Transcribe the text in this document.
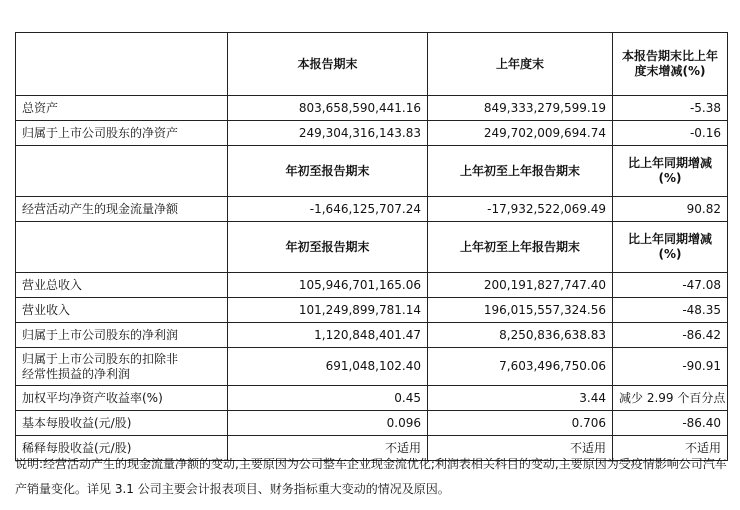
	本报告期末	上年度末	本报告期末比上年
度末增减(%)

总资产	803,658,590,441.16	849,333,279,599.19	-5.38
归属于上市公司股东的净资产	249,304,316,143.83	249,702,009,694.74	-0.16
	年初至报告期末	上年初至上年报告期末	比上年同期增减
(%)

经营活动产生的现金流量净额	-1,646,125,707.24	-17,932,522,069.49	90.82
	年初至报告期末	上年初至上年报告期末	比上年同期增减
(%)

营业总收入	105,946,701,165.06	200,191,827,747.40	-47.08
营业收入	101,249,899,781.14	196,015,557,324.56	-48.35
归属于上市公司股东的净利润	1,120,848,401.47	8,250,836,638.83	-86.42

归属于上市公司股东的扣除非
经常性损益的净利润	691,048,102.40	7,603,496,750.06	-90.91
加权平均净资产收益率(%)	0.45	3.44	减少 2.99 个百分点
基本每股收益(元/股)	0.096	0.706	-86.40
稀释每股收益(元/股)	不适用	不适用	不适用

说明:经营活动产生的现金流量净额的变动,主要原因为公司整车企业现金流优化;利润表相关科目的变动,主要原因为受疫情影响公司汽车产销量变化。详见 3.1 公司主要会计报表项目、财务指标重大变动的情况及原因。
